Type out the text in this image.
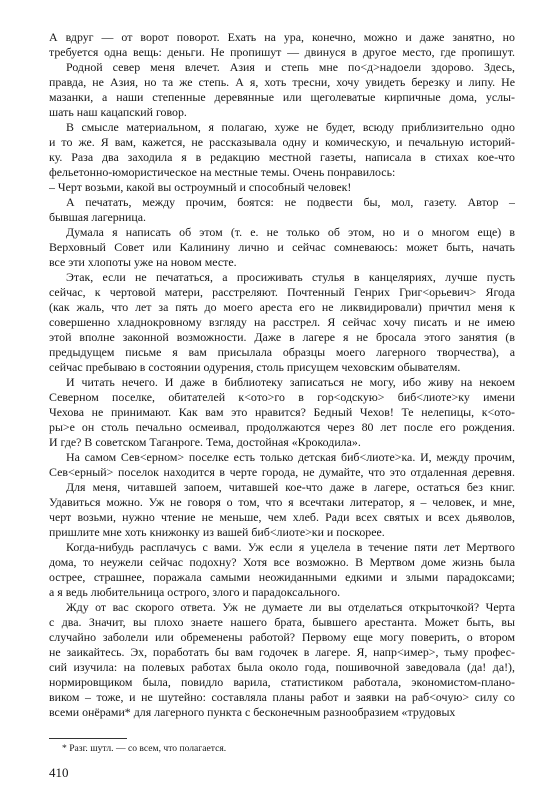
А вдруг — от ворот поворот. Ехать на ура, конечно, можно и даже занятно, но
требуется одна вещь: деньги. Не пропишут — двинуся в другое место, где пропишут.
Родной север меня влечет. Азия и степь мне по<д>надоели здорово. Здесь,
правда, не Азия, но та же степь. А я, хоть тресни, хочу увидеть березку и липу. Не
мазанки, а наши степенные деревянные или щеголеватые кирпичные дома, услы-
шать наш кацапский говор.
В смысле материальном, я полагаю, хуже не будет, всюду приблизительно одно
и то же. Я вам, кажется, не рассказывала одну и комическую, и печальную историй-
ку. Раза два заходила я в редакцию местной газеты, написала в стихах кое-что
фельетонно-юмористическое на местные темы. Очень понравилось:
– Черт возьми, какой вы остроумный и способный человек!
А печатать, между прочим, боятся: не подвести бы, мол, газету. Автор –
бывшая лагерница.
Думала я написать об этом (т. е. не только об этом, но и о многом еще) в
Верховный Совет или Калинину лично и сейчас сомневаюсь: может быть, начать
все эти хлопоты уже на новом месте.
Этак, если не печататься, а просиживать стулья в канцеляриях, лучше пусть
сейчас, к чертовой матери, расстреляют. Почтенный Генрих Григ<орьевич> Ягода
(как жаль, что лет за пять до моего ареста его не ликвидировали) причтил меня к
совершенно хладнокровному взгляду на расстрел. Я сейчас хочу писать и не имею
этой вполне законной возможности. Даже в лагере я не бросала этого занятия (в
предыдущем письме я вам присылала образцы моего лагерного творчества), а
сейчас пребываю в состоянии одурения, столь присущем чеховским обывателям.
И читать нечего. И даже в библиотеку записаться не могу, ибо живу на некоем
Северном поселке, обитателей к<ото>го в гор<одскую> биб<лиоте>ку имени
Чехова не принимают. Как вам это нравится? Бедный Чехов! Те нелепицы, к<ото-
ры>е он столь печально осмеивал, продолжаются через 80 лет после его рождения.
И где? В советском Таганроге. Тема, достойная «Крокодила».
На самом Сев<ерном> поселке есть только детская биб<лиоте>ка. И, между прочим,
Сев<ерный> поселок находится в черте города, не думайте, что это отдаленная деревня.
Для меня, читавшей запоем, читавшей кое-что даже в лагере, остаться без книг.
Удавиться можно. Уж не говоря о том, что я всечтаки литератор, я – человек, и мне,
черт возьми, нужно чтение не меньше, чем хлеб. Ради всех святых и всех дьяволов,
пришлите мне хоть книжонку из вашей биб<лиоте>ки и поскорее.
Когда-нибудь расплачусь с вами. Уж если я уцелела в течение пяти лет Мертвого
дома, то неужели сейчас подохну? Хотя все возможно. В Мертвом доме жизнь была
острее, страшнее, поражала самыми неожиданными едкими и злыми парадоксами;
а я ведь любительница острого, злого и парадоксального.
Жду от вас скорого ответа. Уж не думаете ли вы отделаться открыточкой? Черта
с два. Значит, вы плохо знаете нашего брата, бывшего арестанта. Может быть, вы
случайно заболели или обременены работой? Первому еще могу поверить, о втором
не заикайтесь. Эх, поработать бы вам годочек в лагере. Я, напр<имер>, тьму профес-
сий изучила: на полевых работах была около года, пошивочной заведовала (да! да!),
нормировщиком была, повидло варила, статистиком работала, экономистом-плано-
виком – тоже, и не шутейно: составляла планы работ и заявки на раб<очую> силу со
всеми онёрами* для лагерного пункта с бесконечным разнообразием «трудовых
* Разг. шутл. — со всем, что полагается.
410
